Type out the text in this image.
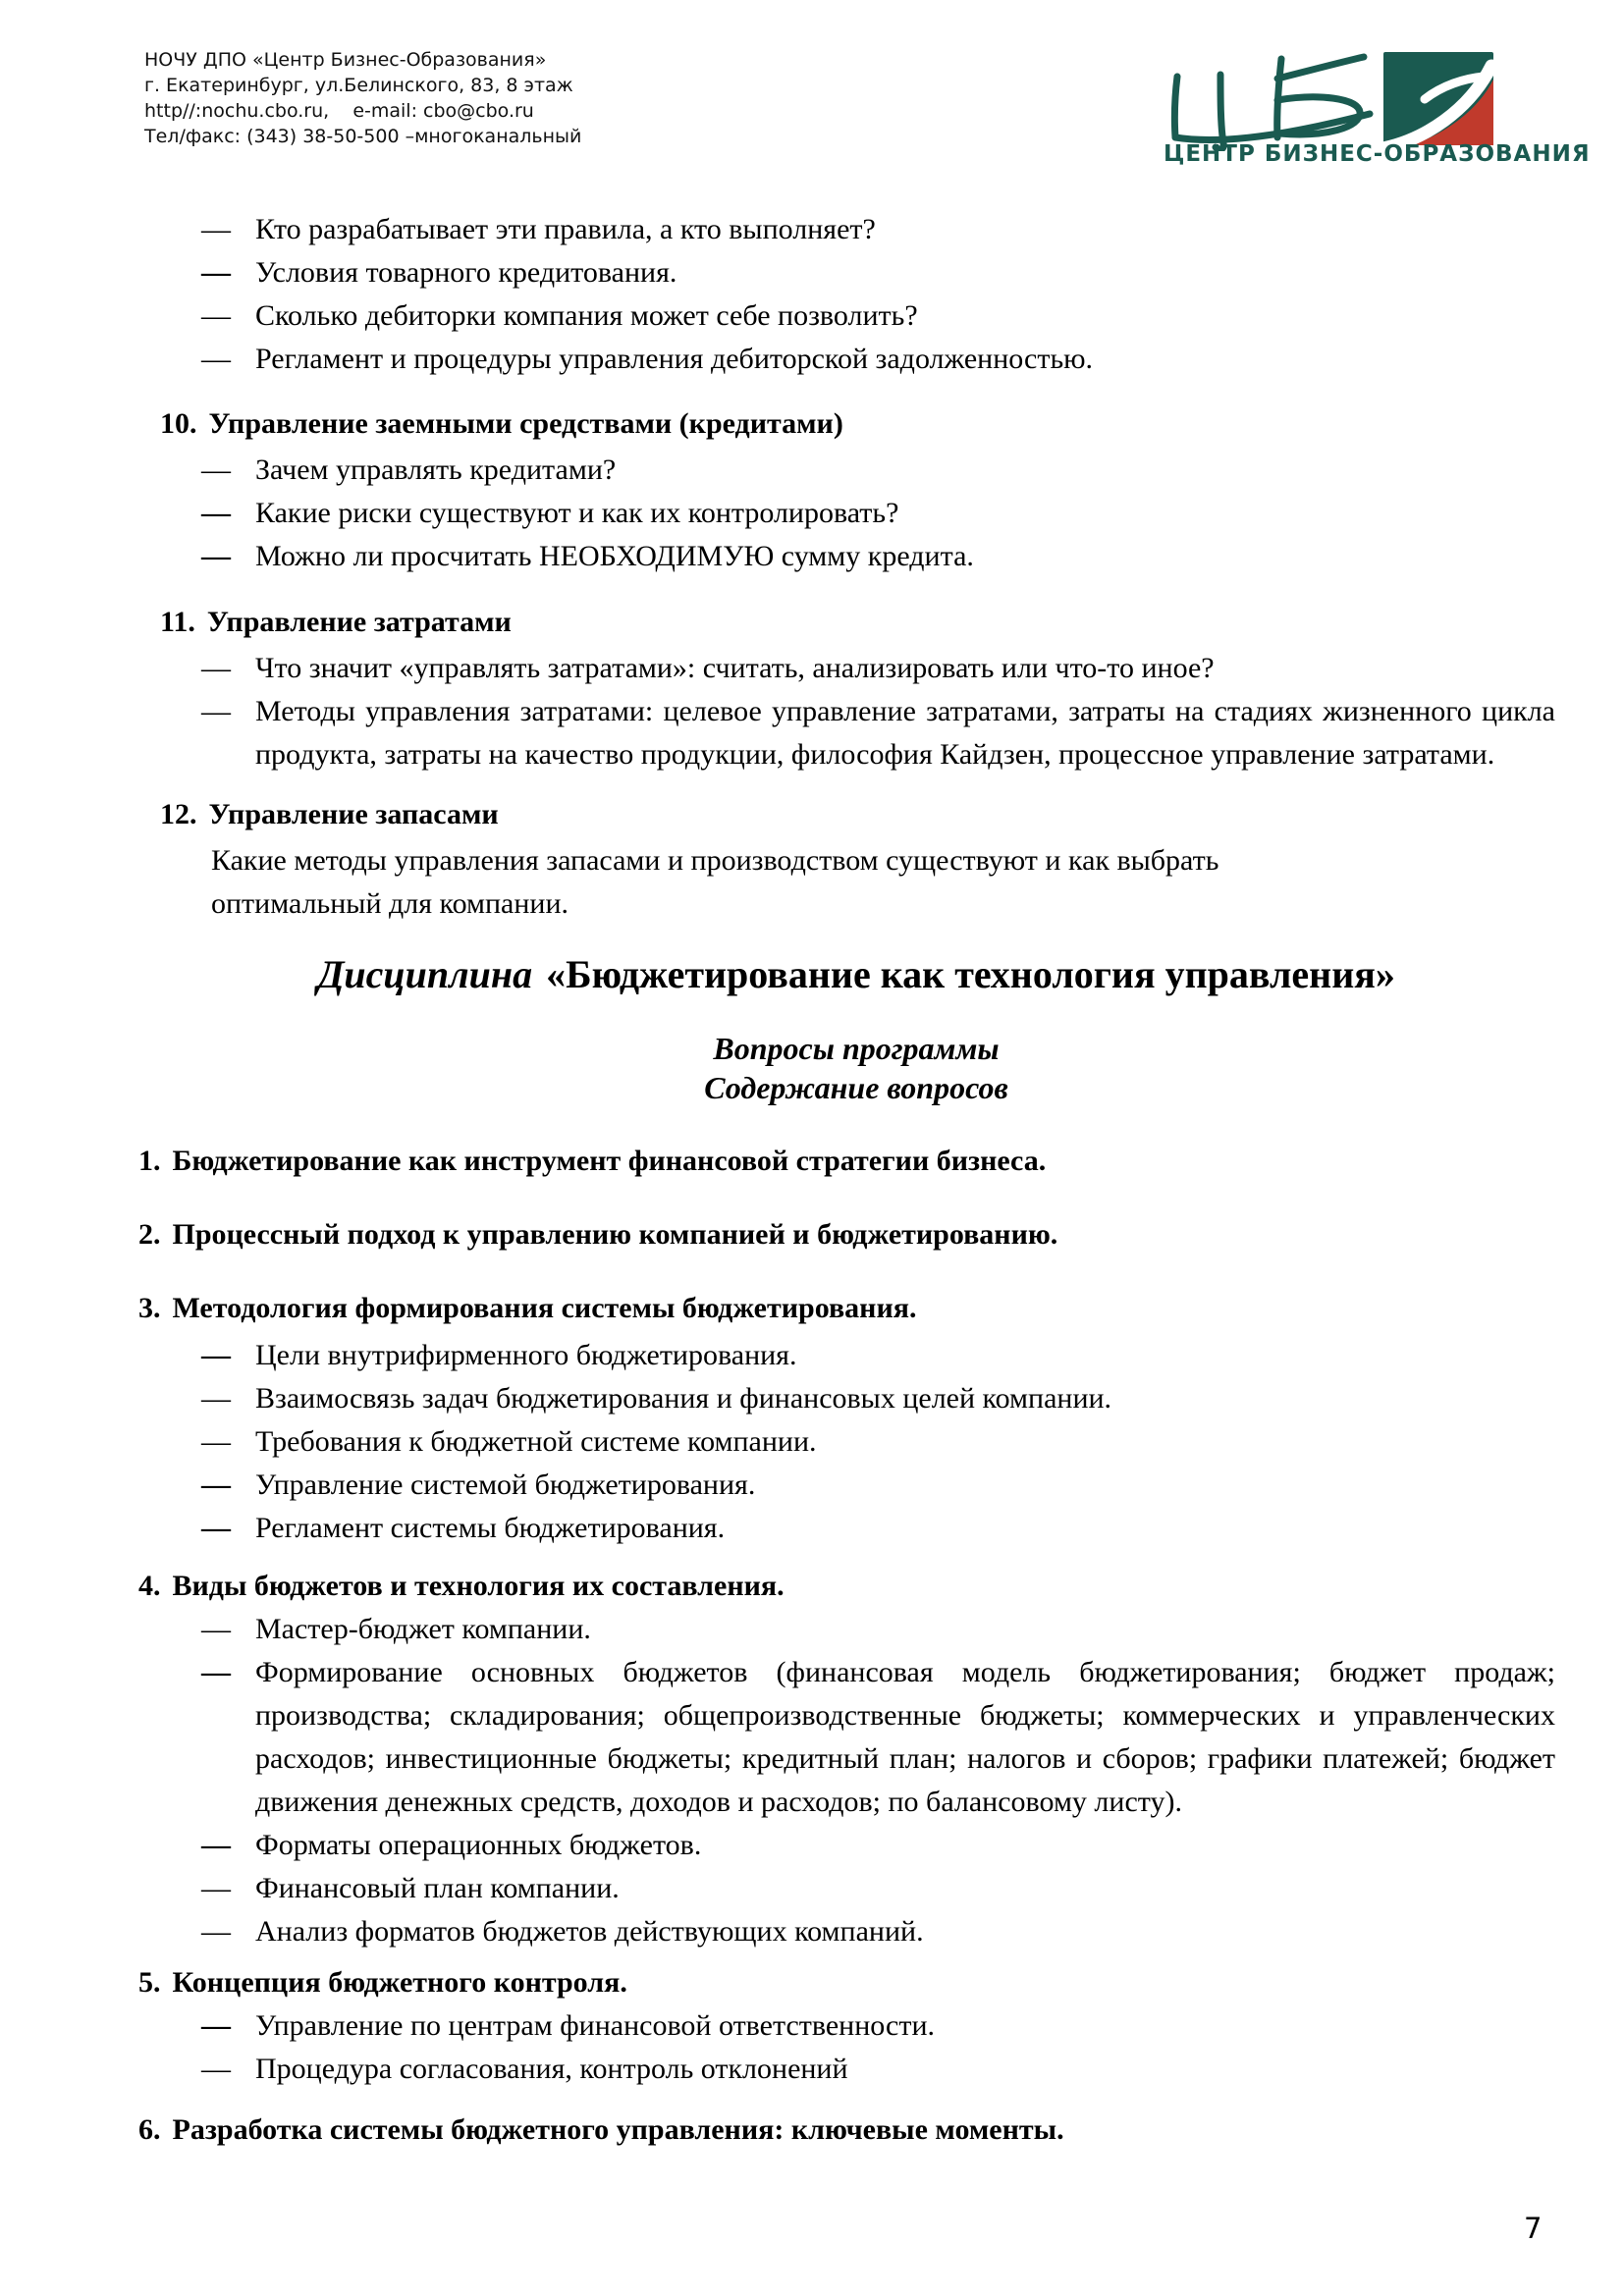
НОЧУ ДПО «Центр Бизнес-Образования»
г. Екатеринбург, ул.Белинского, 83, 8 этаж
http//:nochu.cbo.ru,    e-mail: cbo@cbo.ru
Тел/факс: (343) 38-50-500 –многоканальный
ЦЕНТР БИЗНЕС-ОБРАЗОВАНИЯ
— Кто разрабатывает эти правила, а кто выполняет?
— Условия товарного кредитования.
— Сколько дебиторки компания может себе позволить?
— Регламент и процедуры управления дебиторской задолженностью.
10. Управление заемными средствами (кредитами)
— Зачем управлять кредитами?
— Какие риски существуют и как их контролировать?
— Можно ли просчитать НЕОБХОДИМУЮ сумму кредита.
11. Управление затратами
— Что значит «управлять затратами»: считать, анализировать или что-то иное?
— Методы управления затратами: целевое управление затратами, затраты на стадиях жизненного цикла продукта, затраты на качество продукции, философия Кайдзен, процессное управление затратами.
12. Управление запасами
Какие методы управления запасами и производством существуют и как выбрать оптимальный для компании.
Дисциплина «Бюджетирование как технология управления»
Вопросы программы
Содержание вопросов
1. Бюджетирование как инструмент финансовой стратегии бизнеса.
2. Процессный подход к управлению компанией и бюджетированию.
3. Методология формирования системы бюджетирования.
— Цели внутрифирменного бюджетирования.
— Взаимосвязь задач бюджетирования и финансовых целей компании.
— Требования к бюджетной системе компании.
— Управление системой бюджетирования.
— Регламент системы бюджетирования.
4. Виды бюджетов и технология их составления.
— Мастер-бюджет компании.
— Формирование основных бюджетов (финансовая модель бюджетирования; бюджет продаж; производства; складирования; общепроизводственные бюджеты; коммерческих и управленческих расходов; инвестиционные бюджеты; кредитный план; налогов и сборов; графики платежей; бюджет движения денежных средств, доходов и расходов; по балансовому листу).
— Форматы операционных бюджетов.
— Финансовый план компании.
— Анализ форматов бюджетов действующих компаний.
5. Концепция бюджетного контроля.
— Управление по центрам финансовой ответственности.
— Процедура согласования, контроль отклонений
6. Разработка системы бюджетного управления: ключевые моменты.
7
